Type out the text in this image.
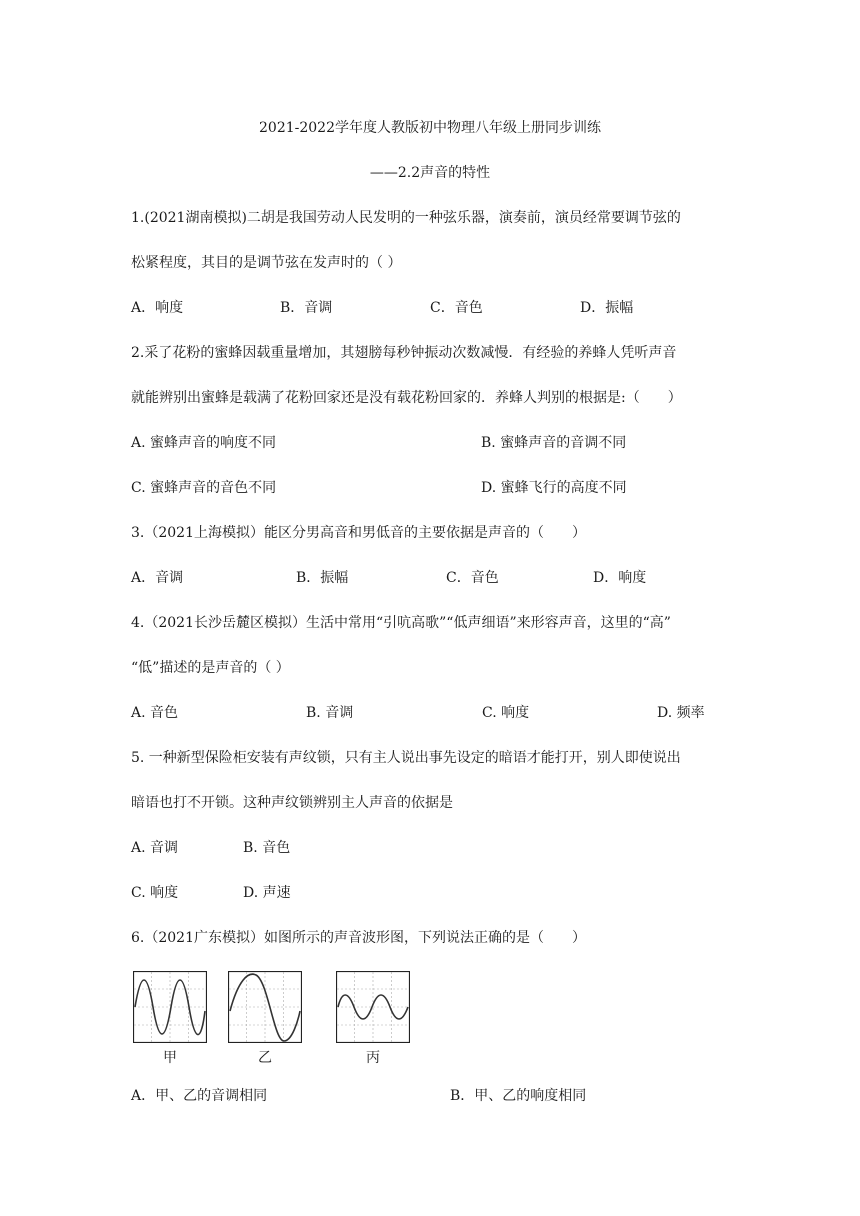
2021-2022学年度人教版初中物理八年级上册同步训练
——2.2声音的特性
1.(2021湖南模拟)二胡是我国劳动人民发明的一种弦乐器，演奏前，演员经常要调节弦的
松紧程度，其目的是调节弦在发声时的（ ）
A．响度	B．音调	C．音色	D．振幅
2.采了花粉的蜜蜂因载重量增加，其翅膀每秒钟振动次数减慢．有经验的养蜂人凭听声音
就能辨别出蜜蜂是载满了花粉回家还是没有载花粉回家的．养蜂人判别的根据是:（　　）
A. 蜜蜂声音的响度不同	B. 蜜蜂声音的音调不同
C. 蜜蜂声音的音色不同	D. 蜜蜂飞行的高度不同
3.（2021上海模拟）能区分男高音和男低音的主要依据是声音的（　　）
A．音调	B．振幅	C．音色	D．响度
4.（2021长沙岳麓区模拟）生活中常用“引吭高歌”“低声细语”来形容声音，这里的“高”
“低”描述的是声音的（ ）
A. 音色	B. 音调	C. 响度	D. 频率
5. 一种新型保险柜安装有声纹锁，只有主人说出事先设定的暗语才能打开，别人即使说出
暗语也打不开锁。这种声纹锁辨别主人声音的依据是
A. 音调	B. 音色
C. 响度	D. 声速
6.（2021广东模拟）如图所示的声音波形图，下列说法正确的是（　　）
甲	乙	丙
A．甲、乙的音调相同	B．甲、乙的响度相同
